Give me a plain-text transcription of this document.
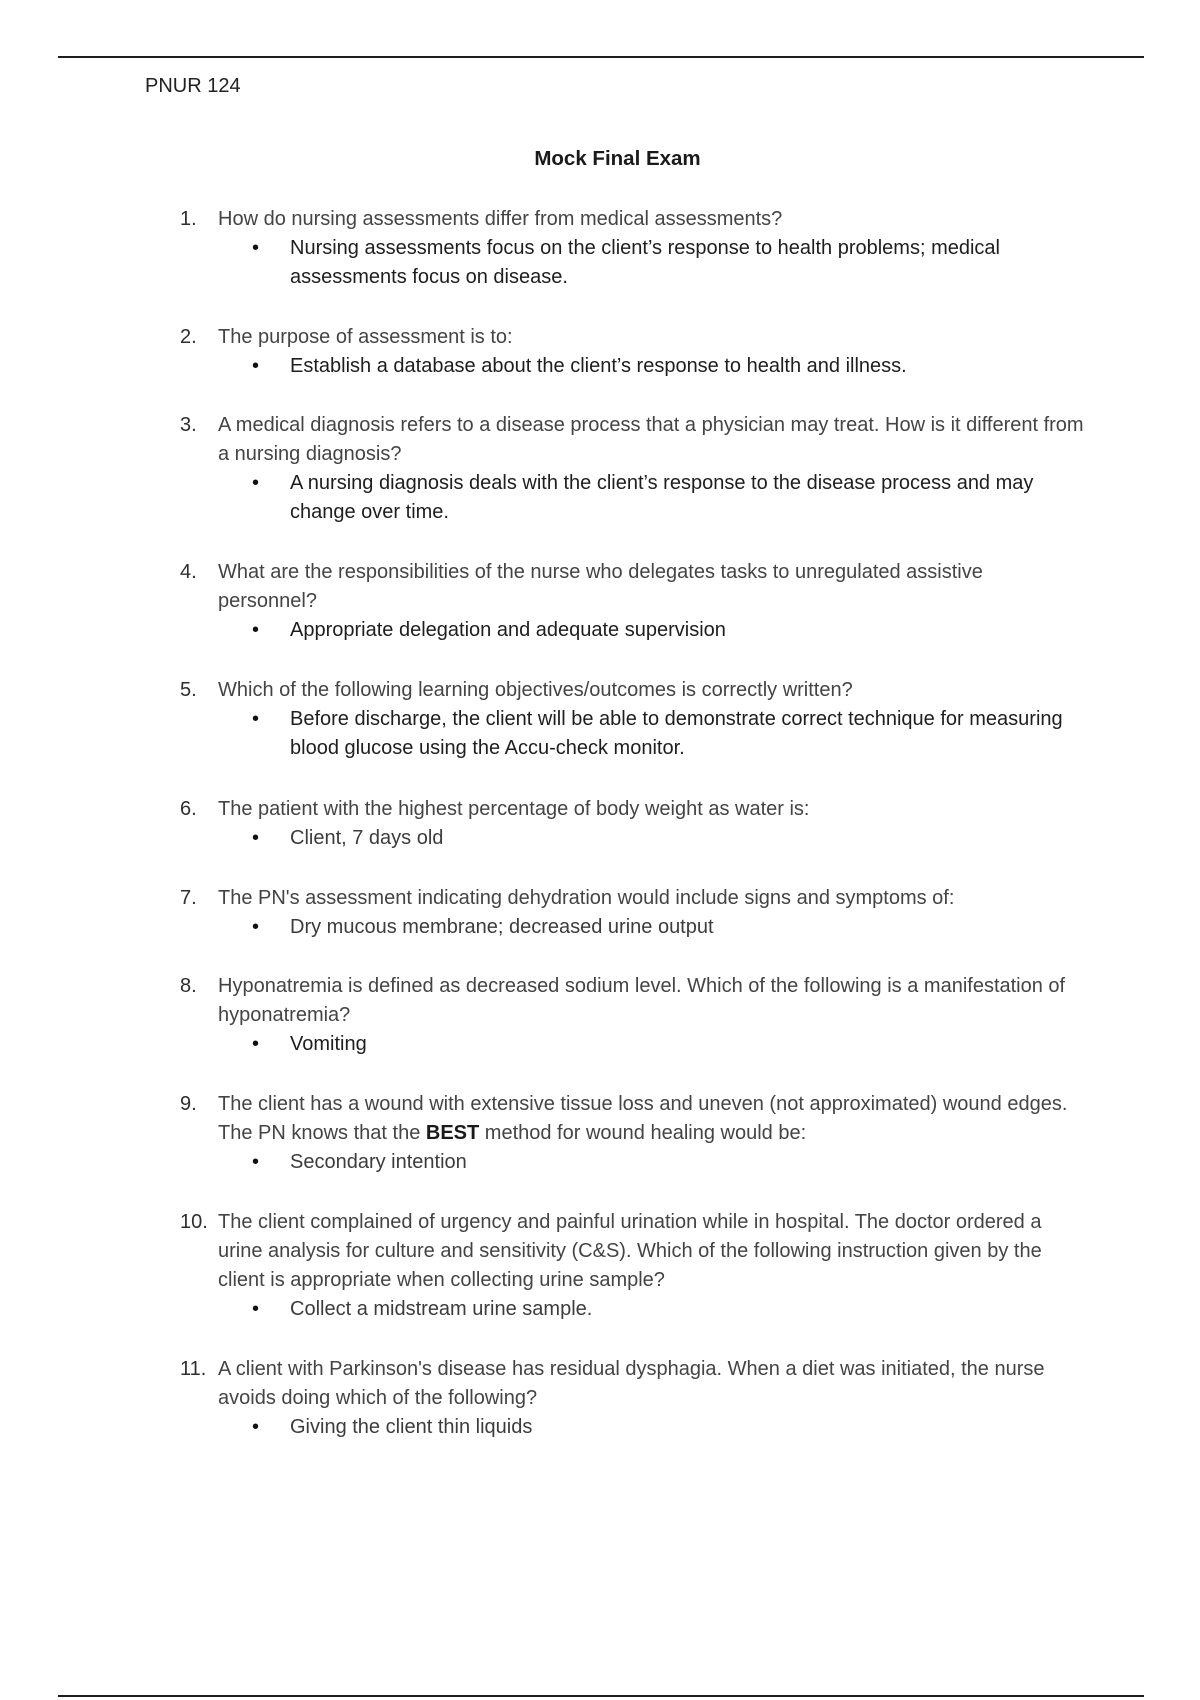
PNUR 124
Mock Final Exam
1. How do nursing assessments differ from medical assessments?
• Nursing assessments focus on the client’s response to health problems; medical assessments focus on disease.
2. The purpose of assessment is to:
• Establish a database about the client’s response to health and illness.
3. A medical diagnosis refers to a disease process that a physician may treat. How is it different from a nursing diagnosis?
• A nursing diagnosis deals with the client’s response to the disease process and may change over time.
4. What are the responsibilities of the nurse who delegates tasks to unregulated assistive personnel?
• Appropriate delegation and adequate supervision
5. Which of the following learning objectives/outcomes is correctly written?
• Before discharge, the client will be able to demonstrate correct technique for measuring blood glucose using the Accu-check monitor.
6. The patient with the highest percentage of body weight as water is:
• Client, 7 days old
7. The PN's assessment indicating dehydration would include signs and symptoms of:
• Dry mucous membrane; decreased urine output
8. Hyponatremia is defined as decreased sodium level. Which of the following is a manifestation of hyponatremia?
• Vomiting
9. The client has a wound with extensive tissue loss and uneven (not approximated) wound edges. The PN knows that the BEST method for wound healing would be:
• Secondary intention
10. The client complained of urgency and painful urination while in hospital. The doctor ordered a urine analysis for culture and sensitivity (C&S). Which of the following instruction given by the client is appropriate when collecting urine sample?
• Collect a midstream urine sample.
11. A client with Parkinson's disease has residual dysphagia. When a diet was initiated, the nurse avoids doing which of the following?
• Giving the client thin liquids
